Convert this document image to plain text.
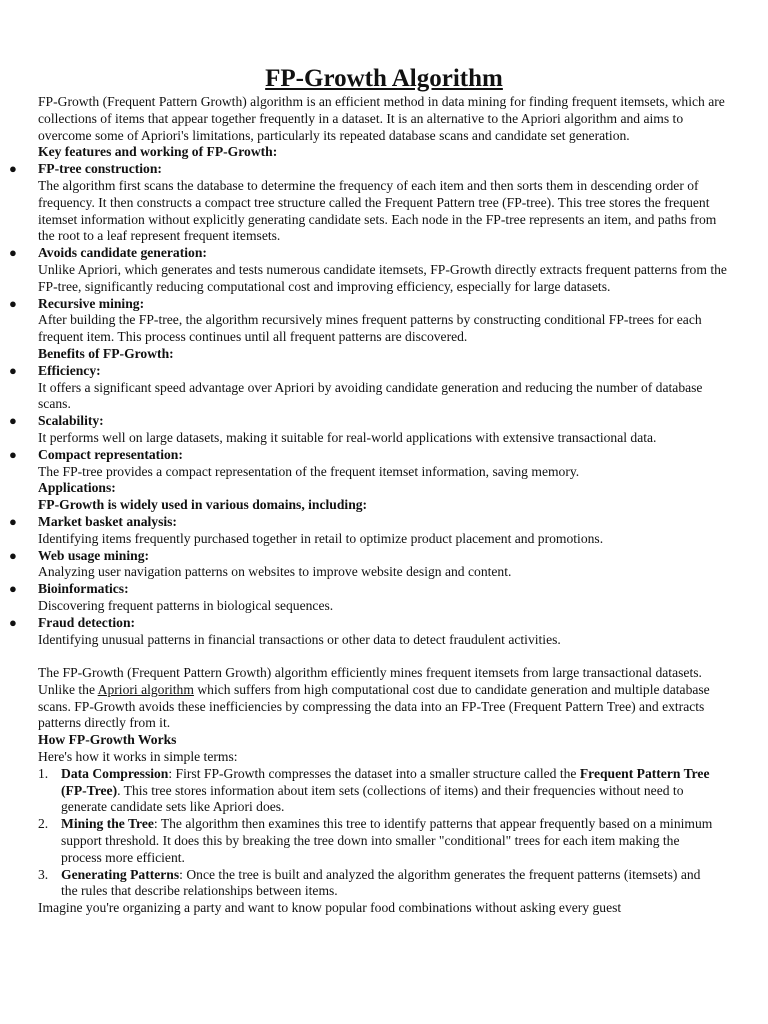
FP-Growth Algorithm

FP-Growth (Frequent Pattern Growth) algorithm is an efficient method in data mining for finding frequent itemsets, which are collections of items that appear together frequently in a dataset. It is an alternative to the Apriori algorithm and aims to overcome some of Apriori's limitations, particularly its repeated database scans and candidate set generation.

Key features and working of FP-Growth:

● FP-tree construction:

The algorithm first scans the database to determine the frequency of each item and then sorts them in descending order of frequency. It then constructs a compact tree structure called the Frequent Pattern tree (FP-tree). This tree stores the frequent itemset information without explicitly generating candidate sets. Each node in the FP-tree represents an item, and paths from the root to a leaf represent frequent itemsets.

● Avoids candidate generation:

Unlike Apriori, which generates and tests numerous candidate itemsets, FP-Growth directly extracts frequent patterns from the FP-tree, significantly reducing computational cost and improving efficiency, especially for large datasets.

● Recursive mining:

After building the FP-tree, the algorithm recursively mines frequent patterns by constructing conditional FP-trees for each frequent item. This process continues until all frequent patterns are discovered.

Benefits of FP-Growth:

● Efficiency:

It offers a significant speed advantage over Apriori by avoiding candidate generation and reducing the number of database scans.

● Scalability:

It performs well on large datasets, making it suitable for real-world applications with extensive transactional data.

● Compact representation:

The FP-tree provides a compact representation of the frequent itemset information, saving memory.

Applications:

FP-Growth is widely used in various domains, including:

● Market basket analysis:

Identifying items frequently purchased together in retail to optimize product placement and promotions.

● Web usage mining:

Analyzing user navigation patterns on websites to improve website design and content.

● Bioinformatics:

Discovering frequent patterns in biological sequences.

● Fraud detection:

Identifying unusual patterns in financial transactions or other data to detect fraudulent activities.

The FP-Growth (Frequent Pattern Growth) algorithm efficiently mines frequent itemsets from large transactional datasets. Unlike the Apriori algorithm which suffers from high computational cost due to candidate generation and multiple database scans. FP-Growth avoids these inefficiencies by compressing the data into an FP-Tree (Frequent Pattern Tree) and extracts patterns directly from it.

How FP-Growth Works

Here's how it works in simple terms:

1. Data Compression: First FP-Growth compresses the dataset into a smaller structure called the Frequent Pattern Tree (FP-Tree). This tree stores information about item sets (collections of items) and their frequencies without need to generate candidate sets like Apriori does.
2. Mining the Tree: The algorithm then examines this tree to identify patterns that appear frequently based on a minimum support threshold. It does this by breaking the tree down into smaller "conditional" trees for each item making the process more efficient.
3. Generating Patterns: Once the tree is built and analyzed the algorithm generates the frequent patterns (itemsets) and the rules that describe relationships between items.

Imagine you're organizing a party and want to know popular food combinations without asking every guest
